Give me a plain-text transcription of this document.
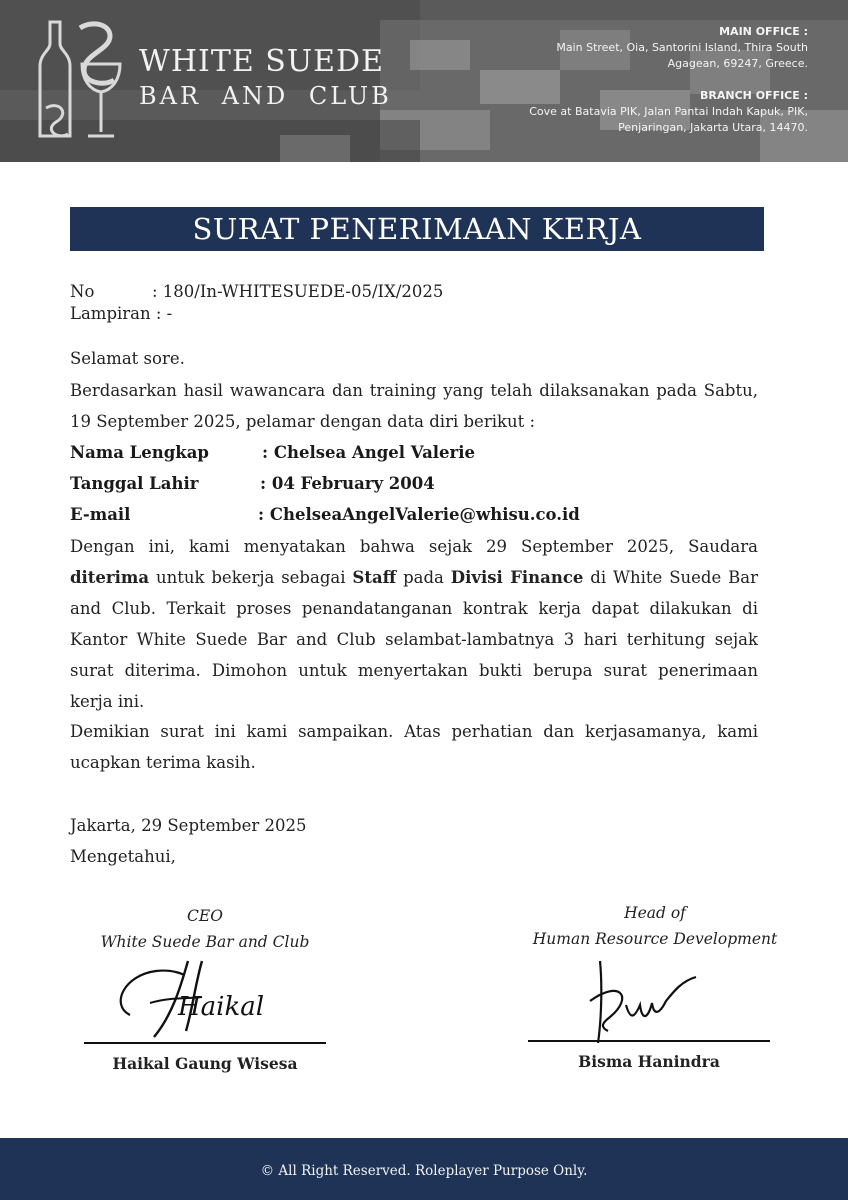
WHITE SUEDE
BAR AND CLUB
MAIN OFFICE :
Main Street, Oia, Santorini Island, Thira South
Agagean, 69247, Greece.
BRANCH OFFICE :
Cove at Batavia PIK, Jalan Pantai Indah Kapuk, PIK,
Penjaringan, Jakarta Utara, 14470.
SURAT PENERIMAAN KERJA
No	: 180/In-WHITESUEDE-05/IX/2025
Lampiran : -
Selamat sore.
Berdasarkan hasil wawancara dan training yang telah dilaksanakan pada Sabtu, 19 September 2025, pelamar dengan data diri berikut :
Nama Lengkap	: Chelsea Angel Valerie
Tanggal Lahir	: 04 February 2004
E-mail	: ChelseaAngelValerie@whisu.co.id
Dengan ini, kami menyatakan bahwa sejak 29 September 2025, Saudara diterima untuk bekerja sebagai Staff pada Divisi Finance di White Suede Bar and Club. Terkait proses penandatanganan kontrak kerja dapat dilakukan di Kantor White Suede Bar and Club selambat-lambatnya 3 hari terhitung sejak surat diterima. Dimohon untuk menyertakan bukti berupa surat penerimaan kerja ini.
Demikian surat ini kami sampaikan. Atas perhatian dan kerjasamanya, kami ucapkan terima kasih.
Jakarta, 29 September 2025
Mengetahui,
CEO
White Suede Bar and Club
Haikal
Haikal Gaung Wisesa
Head of
Human Resource Development
Bisma Hanindra
© All Right Reserved. Roleplayer Purpose Only.
